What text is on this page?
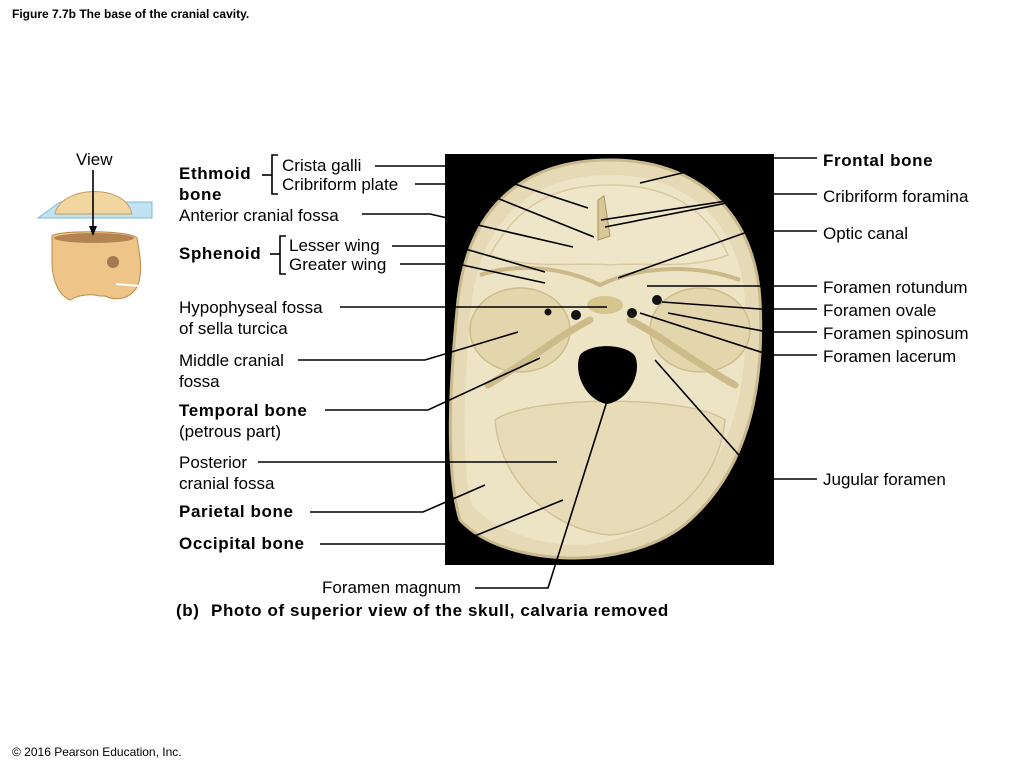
Figure 7.7b The base of the cranial cavity.
© 2016 Pearson Education, Inc.
View
Ethmoid
bone
Crista galli
Cribriform plate
Anterior cranial fossa
Sphenoid Lesser wing
Greater wing
Hypophyseal fossa
of sella turcica
Middle cranial
fossa
Temporal bone
(petrous part)
Posterior
cranial fossa
Parietal bone
Occipital bone
Foramen magnum
Frontal bone
Cribriform foramina
Optic canal
Foramen rotundum
Foramen ovale
Foramen spinosum
Foramen lacerum
Jugular foramen
(b) Photo of superior view of the skull, calvaria removed
